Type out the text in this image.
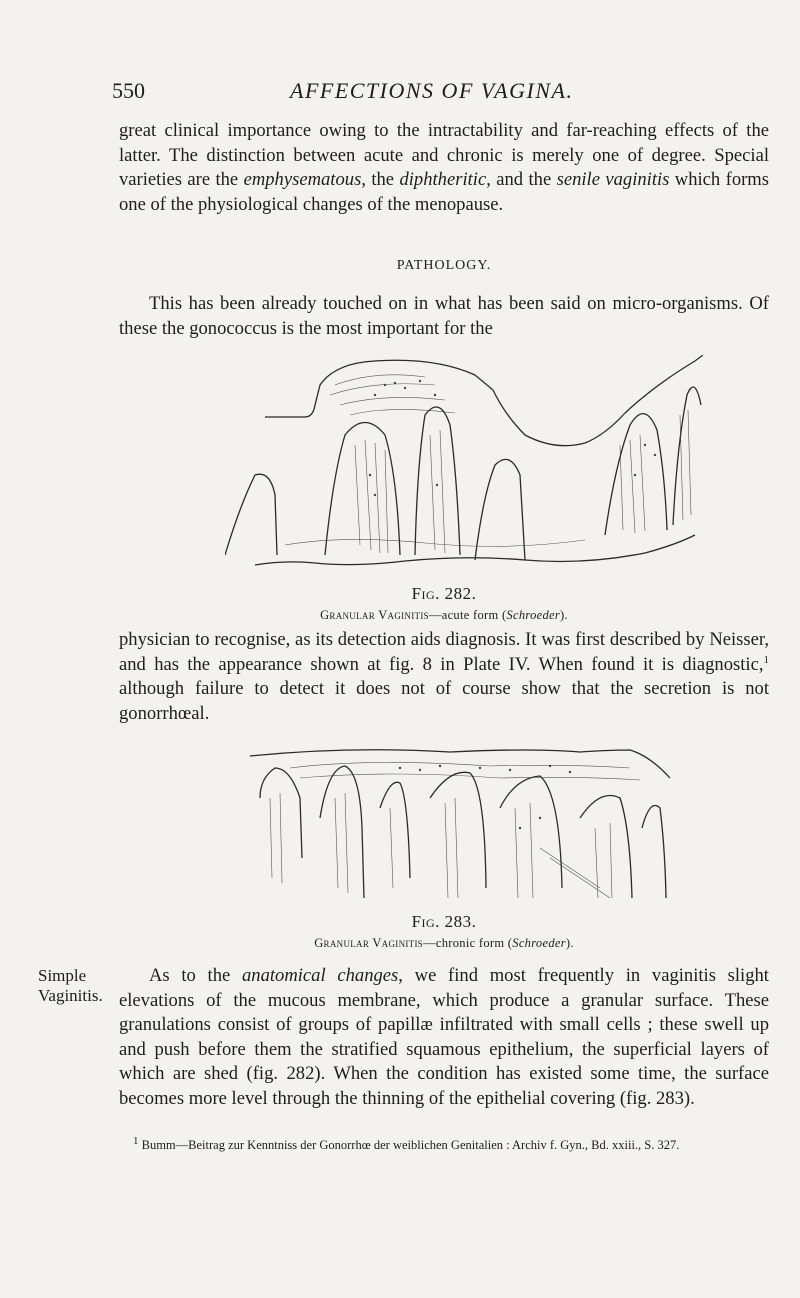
550	AFFECTIONS OF VAGINA.

great clinical importance owing to the intractability and far-reaching effects of the latter. The distinction between acute and chronic is merely one of degree. Special varieties are the emphysematous, the diphtheritic, and the senile vaginitis which forms one of the physiological changes of the menopause.

PATHOLOGY.

This has been already touched on in what has been said on micro-organisms. Of these the gonococcus is the most important for the

Fig. 282.
Granular Vaginitis—acute form (Schroeder).

physician to recognise, as its detection aids diagnosis. It was first described by Neisser, and has the appearance shown at fig. 8 in Plate IV. When found it is diagnostic,$^1$ although failure to detect it does not of course show that the secretion is not gonorrhœal.

Fig. 283.
Granular Vaginitis—chronic form (Schroeder).
Simple
Vaginitis.

As to the anatomical changes, we find most frequently in vaginitis slight elevations of the mucous membrane, which produce a granular surface. These granulations consist of groups of papillæ infiltrated with small cells ; these swell up and push before them the stratified squamous epithelium, the superficial layers of which are shed (fig. 282). When the condition has existed some time, the surface becomes more level through the thinning of the epithelial covering (fig. 283).

$^1$ Bumm—Beitrag zur Kenntniss der Gonorrhœ der weiblichen Genitalien : Archiv f. Gyn., Bd. xxiii., S. 327.
